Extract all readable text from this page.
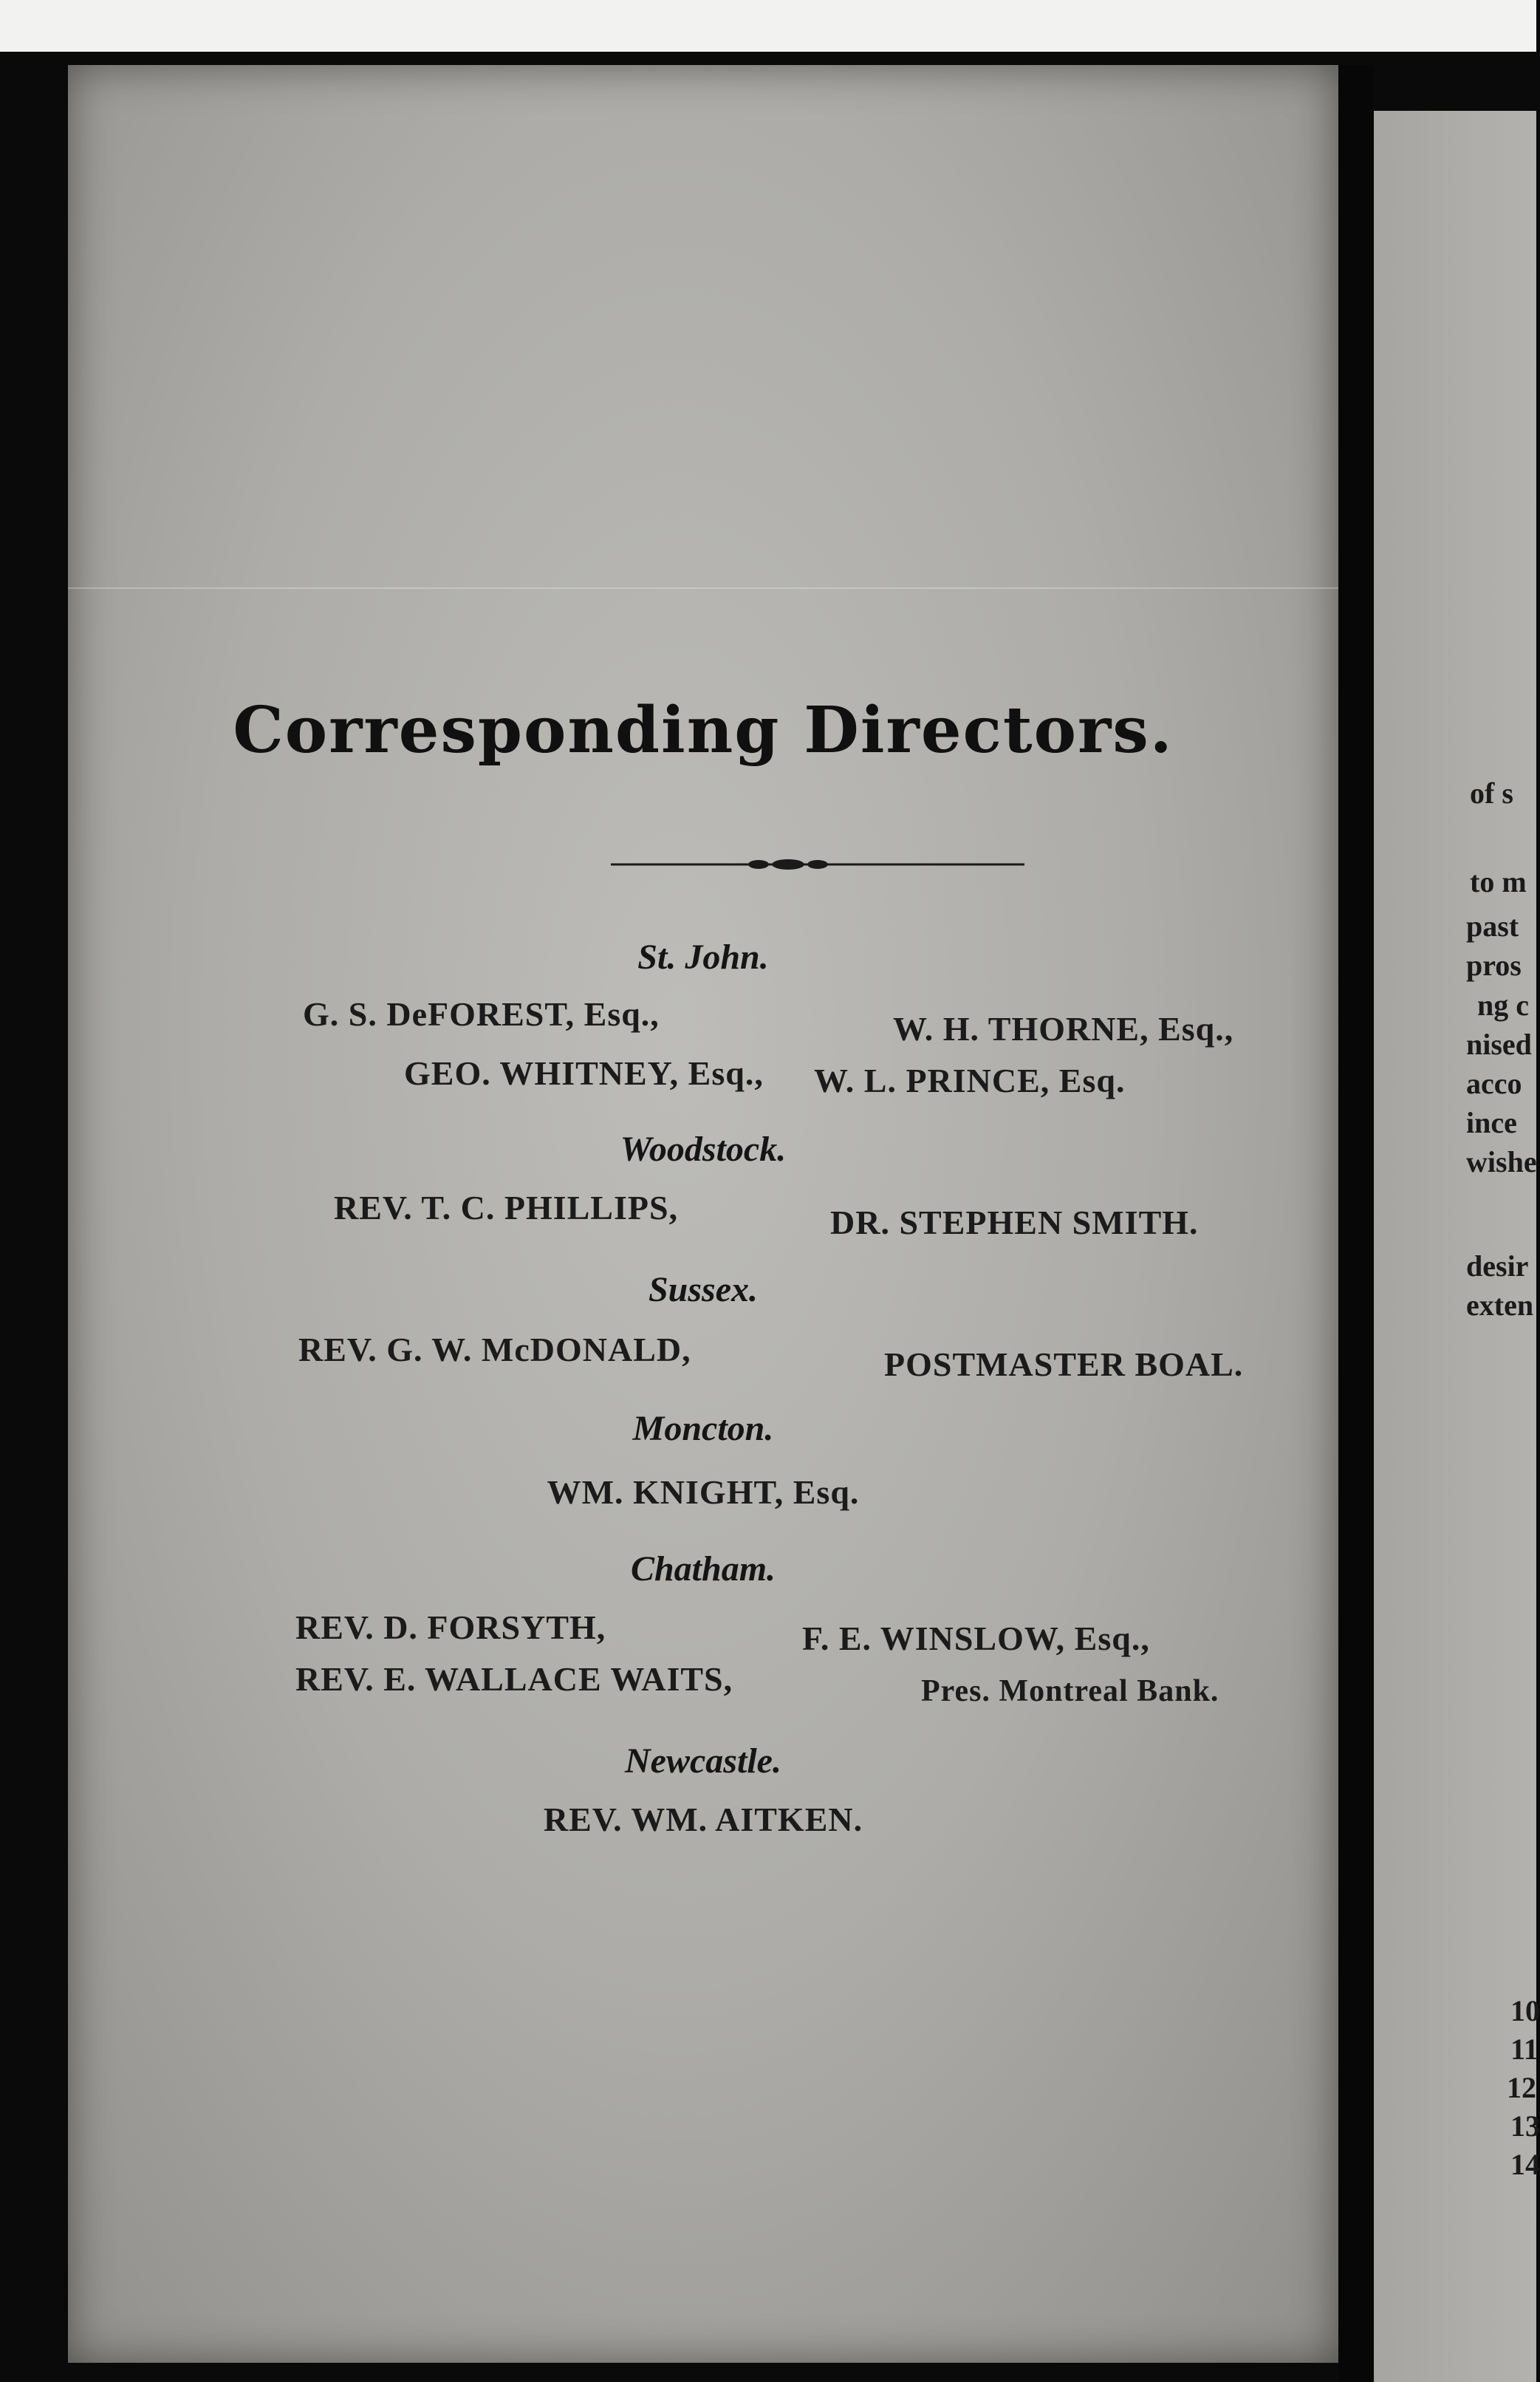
Corresponding Directors.
St. John.
G. S. DeFOREST, Esq.,	W. H. THORNE, Esq.,
GEO. WHITNEY, Esq., W. L. PRINCE, Esq.
Woodstock.
REV. T. C. PHILLIPS,	DR. STEPHEN SMITH.
Sussex.
REV. G. W. McDONALD,	POSTMASTER BOAL.
Moncton.
WM. KNIGHT, Esq.
Chatham.
REV. D. FORSYTH,	F. E. WINSLOW, Esq.,
REV. E. WALLACE WAITS,	Pres. Montreal Bank.
Newcastle.
REV. WM. AITKEN.
of s
to m
past
pros
ng c
nised
acco
ince
wishe
desir
exten
10
11
12
13
14
